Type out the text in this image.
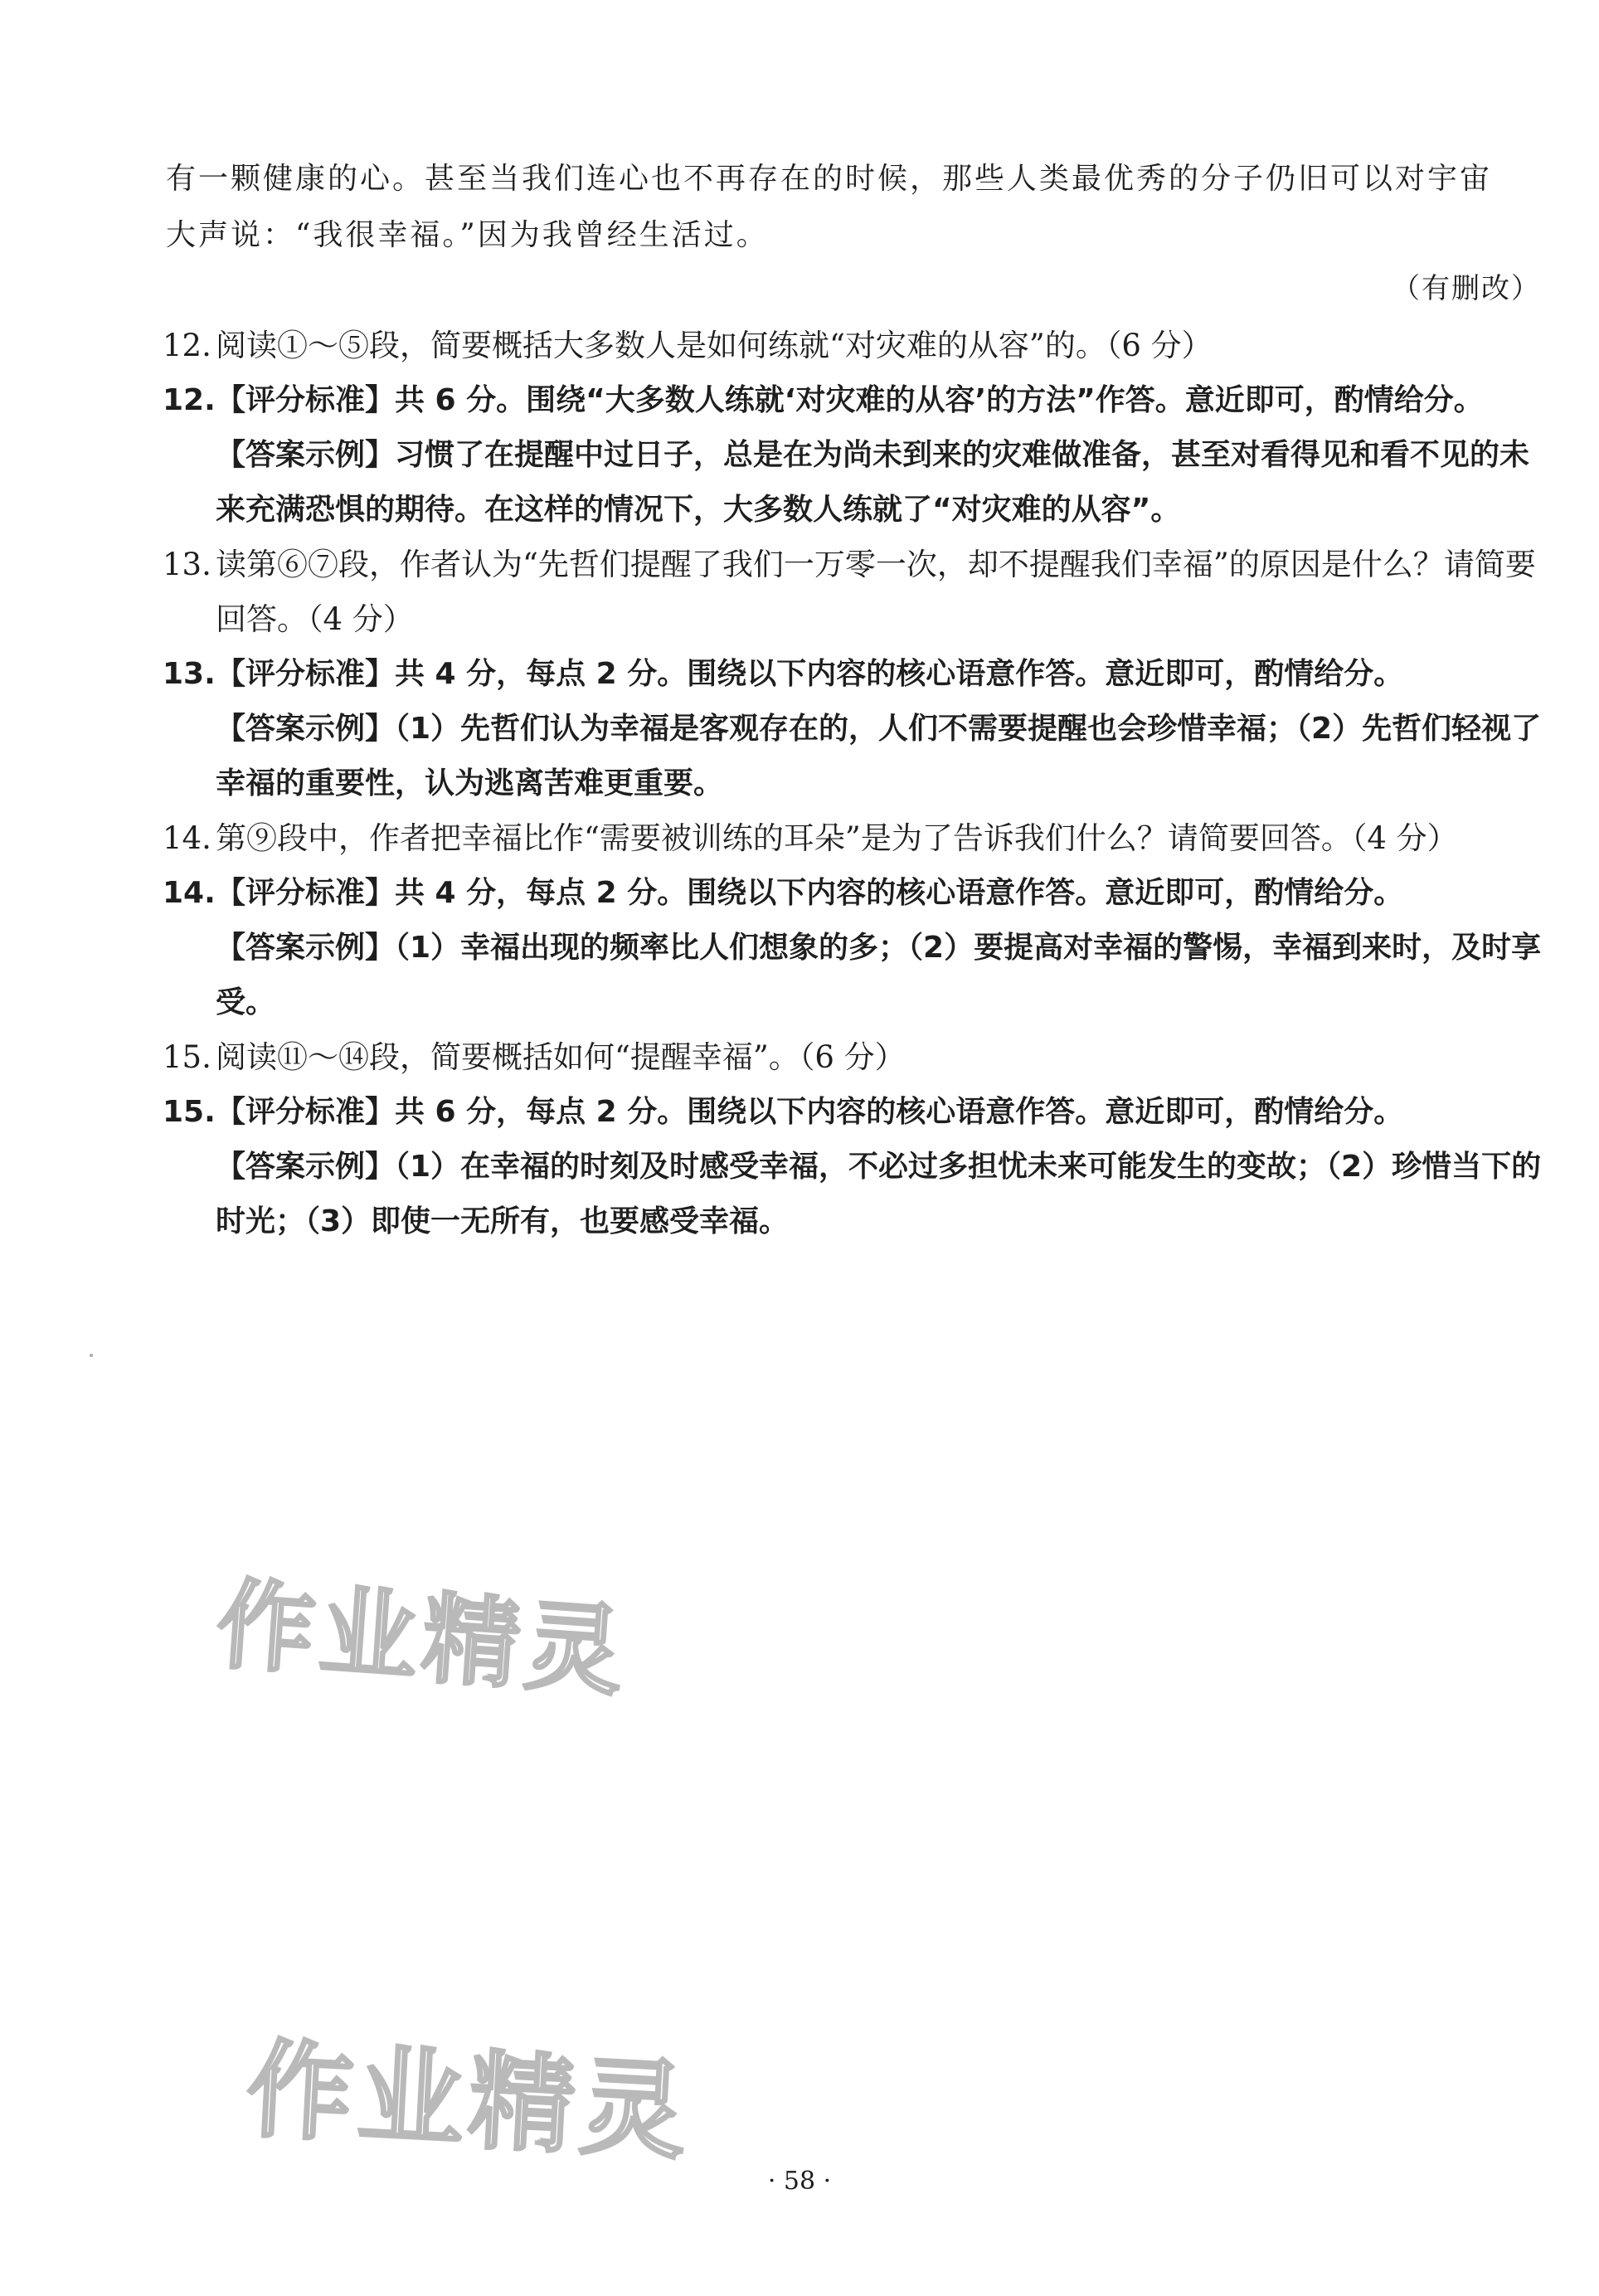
有一颗健康的心。甚至当我们连心也不再存在的时候，那些人类最优秀的分子仍旧可以对宇宙
大声说：“我很幸福。”因为我曾经生活过。
（有删改）
12. 阅读①～⑤段，简要概括大多数人是如何练就“对灾难的从容”的。（6 分）
12. 【评分标准】共 6 分。围绕“大多数人练就‘对灾难的从容’的方法”作答。意近即可，酌情给分。

【答案示例】习惯了在提醒中过日子，总是在为尚未到来的灾难做准备，甚至对看得见和看不见的未来充满恐惧的期待。在这样的情况下，大多数人练就了“对灾难的从容”。

13. 读第⑥⑦段，作者认为“先哲们提醒了我们一万零一次，却不提醒我们幸福”的原因是什么？请简要回答。（4 分）
13. 【评分标准】共 4 分，每点 2 分。围绕以下内容的核心语意作答。意近即可，酌情给分。

【答案示例】（1）先哲们认为幸福是客观存在的，人们不需要提醒也会珍惜幸福；（2）先哲们轻视了幸福的重要性，认为逃离苦难更重要。

14. 第⑨段中，作者把幸福比作“需要被训练的耳朵”是为了告诉我们什么？请简要回答。（4 分）
14. 【评分标准】共 4 分，每点 2 分。围绕以下内容的核心语意作答。意近即可，酌情给分。

【答案示例】（1）幸福出现的频率比人们想象的多；（2）要提高对幸福的警惕，幸福到来时，及时享受。

15. 阅读⑪～⑭段，简要概括如何“提醒幸福”。（6 分）
15. 【评分标准】共 6 分，每点 2 分。围绕以下内容的核心语意作答。意近即可，酌情给分。

【答案示例】（1）在幸福的时刻及时感受幸福，不必过多担忧未来可能发生的变故；（2）珍惜当下的时光；（3）即使一无所有，也要感受幸福。

作业精灵
作业精灵
· 58 ·
